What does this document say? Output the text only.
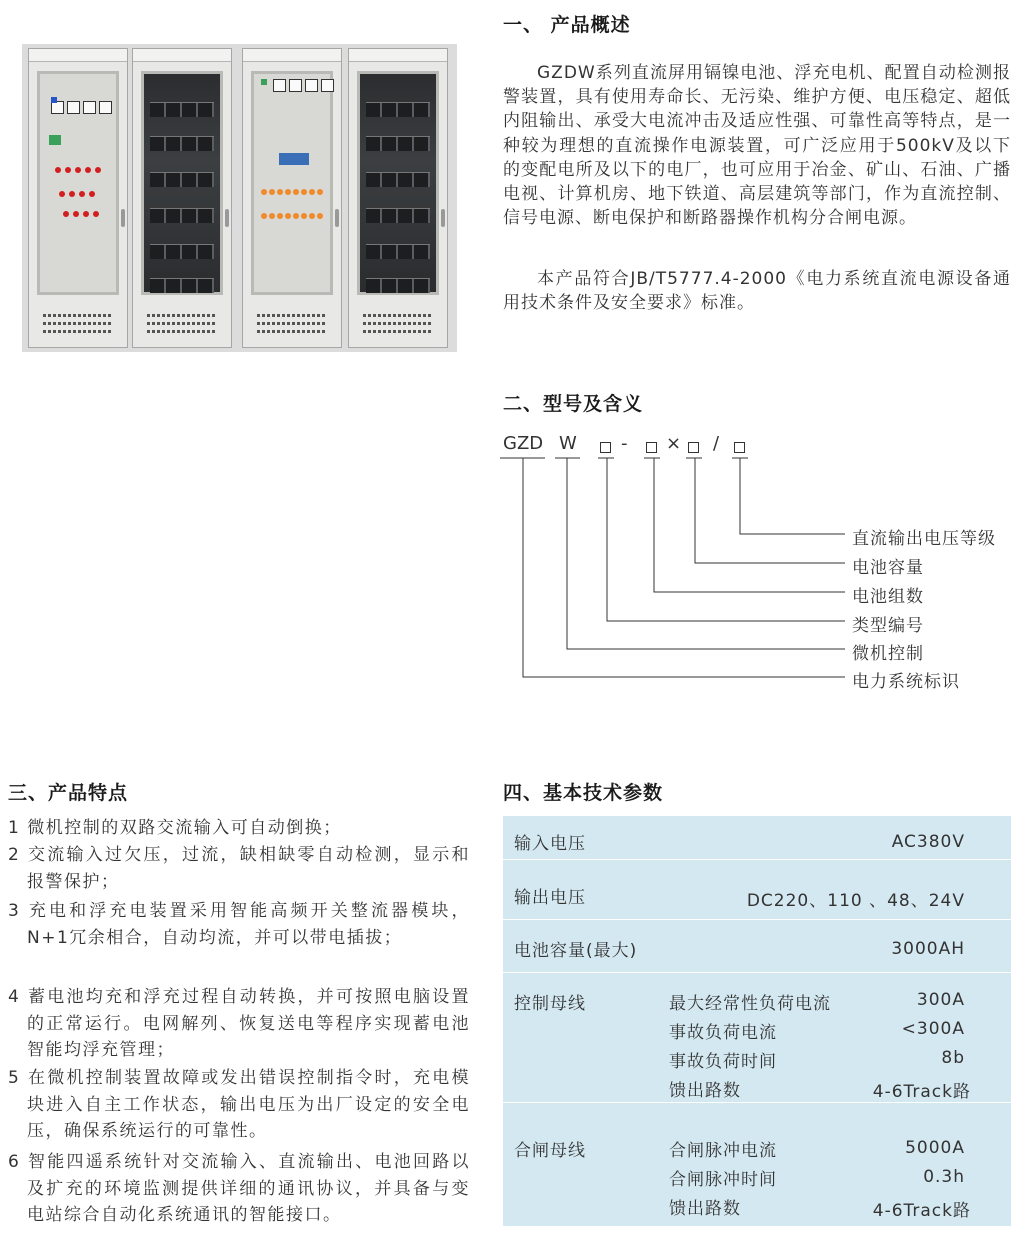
一、 产品概述

GZDW系列直流屏用镉镍电池、浮充电机、配置自动检测报警装置，具有使用寿命长、无污染、维护方便、电压稳定、超低内阻输出、承受大电流冲击及适应性强、可靠性高等特点，是一种较为理想的直流操作电源装置，可广泛应用于500kV及以下的变配电所及以下的电厂，也可应用于冶金、矿山、石油、广播电视、计算机房、地下铁道、高层建筑等部门，作为直流控制、信号电源、断电保护和断路器操作机构分合闸电源。

本产品符合JB/T5777.4-2000《电力系统直流电源设备通用技术条件及安全要求》标准。

二、型号及含义
GZD W - × /
直流输出电压等级
电池容量
电池组数
类型编号
微机控制
电力系统标识
三、产品特点

1 微机控制的双路交流输入可自动倒换；

2 交流输入过欠压，过流，缺相缺零自动检测，显示和报警保护；

3 充电和浮充电装置采用智能高频开关整流器模块，N+1冗余相合，自动均流，并可以带电插拔；

4 蓄电池均充和浮充过程自动转换，并可按照电脑设置的正常运行。电网解列、恢复送电等程序实现蓄电池智能均浮充管理；

5 在微机控制装置故障或发出错误控制指令时，充电模块进入自主工作状态，输出电压为出厂设定的安全电压，确保系统运行的可靠性。

6 智能四遥系统针对交流输入、直流输出、电池回路以及扩充的环境监测提供详细的通讯协议，并具备与变电站综合自动化系统通讯的智能接口。

四、基本技术参数
输入电压	AC380V
输出电压	DC220、110 、48、24V
电池容量(最大)	3000AH
控制母线	最大经常性负荷电流	300A
事故负荷电流	<300A
事故负荷时间	8b
馈出路数	4-6Track路
合闸母线	合闸脉冲电流	5000A
合闸脉冲时间	0.3h
馈出路数	4-6Track路
